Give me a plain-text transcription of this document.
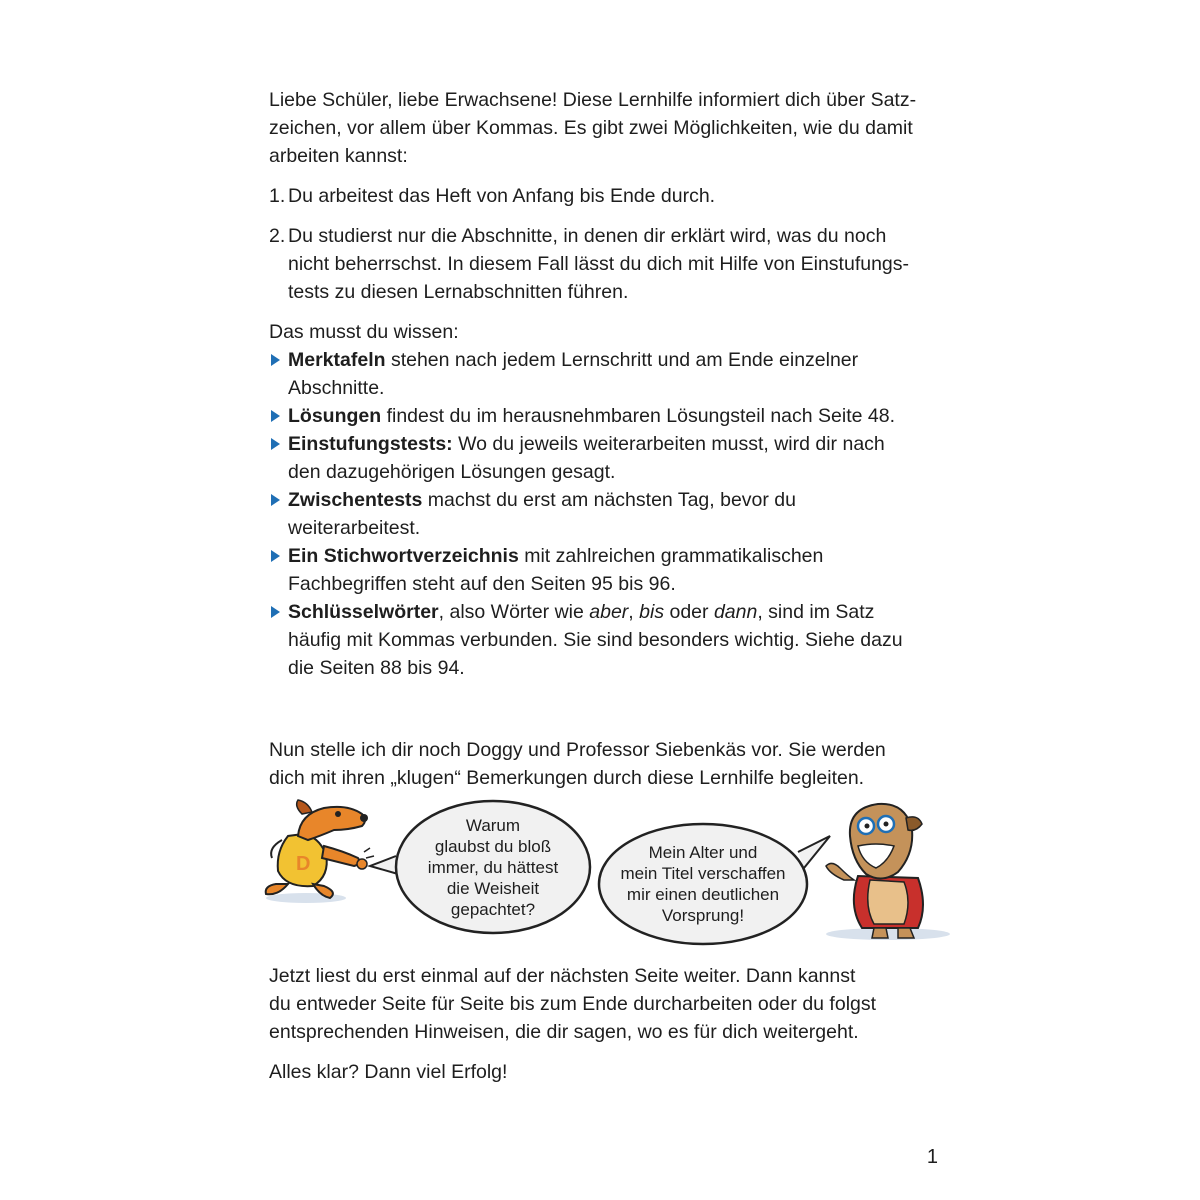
Liebe Schüler, liebe Erwachsene! Diese Lernhilfe informiert dich über Satz-
zeichen, vor allem über Kommas. Es gibt zwei Möglichkeiten, wie du damit
arbeiten kannst:
1. Du arbeitest das Heft von Anfang bis Ende durch.
2. Du studierst nur die Abschnitte, in denen dir erklärt wird, was du noch
nicht beherrschst. In diesem Fall lässt du dich mit Hilfe von Einstufungs-
tests zu diesen Lernabschnitten führen.

Das musst du wissen:

Merktafeln stehen nach jedem Lernschritt und am Ende einzelner
Abschnitte.
Lösungen findest du im herausnehmbaren Lösungsteil nach Seite 48.
Einstufungstests: Wo du jeweils weiterarbeiten musst, wird dir nach
den dazugehörigen Lösungen gesagt.
Zwischentests machst du erst am nächsten Tag, bevor du
weiterarbeitest.
Ein Stichwortverzeichnis mit zahlreichen grammatikalischen
Fachbegriffen steht auf den Seiten 95 bis 96.
Schlüsselwörter, also Wörter wie aber, bis oder dann, sind im Satz
häufig mit Kommas verbunden. Sie sind besonders wichtig. Siehe dazu
die Seiten 88 bis 94.
Nun stelle ich dir noch Doggy und Professor Siebenkäs vor. Sie werden
dich mit ihren „klugen“ Bemerkungen durch diese Lernhilfe begleiten.
D
Warum
glaubst du bloß
immer, du hättest
die Weisheit
gepachtet?
Mein Alter und
mein Titel verschaffen
mir einen deutlichen
Vorsprung!
Jetzt liest du erst einmal auf der nächsten Seite weiter. Dann kannst
du entweder Seite für Seite bis zum Ende durcharbeiten oder du folgst
entsprechenden Hinweisen, die dir sagen, wo es für dich weitergeht.

Alles klar? Dann viel Erfolg!

1
